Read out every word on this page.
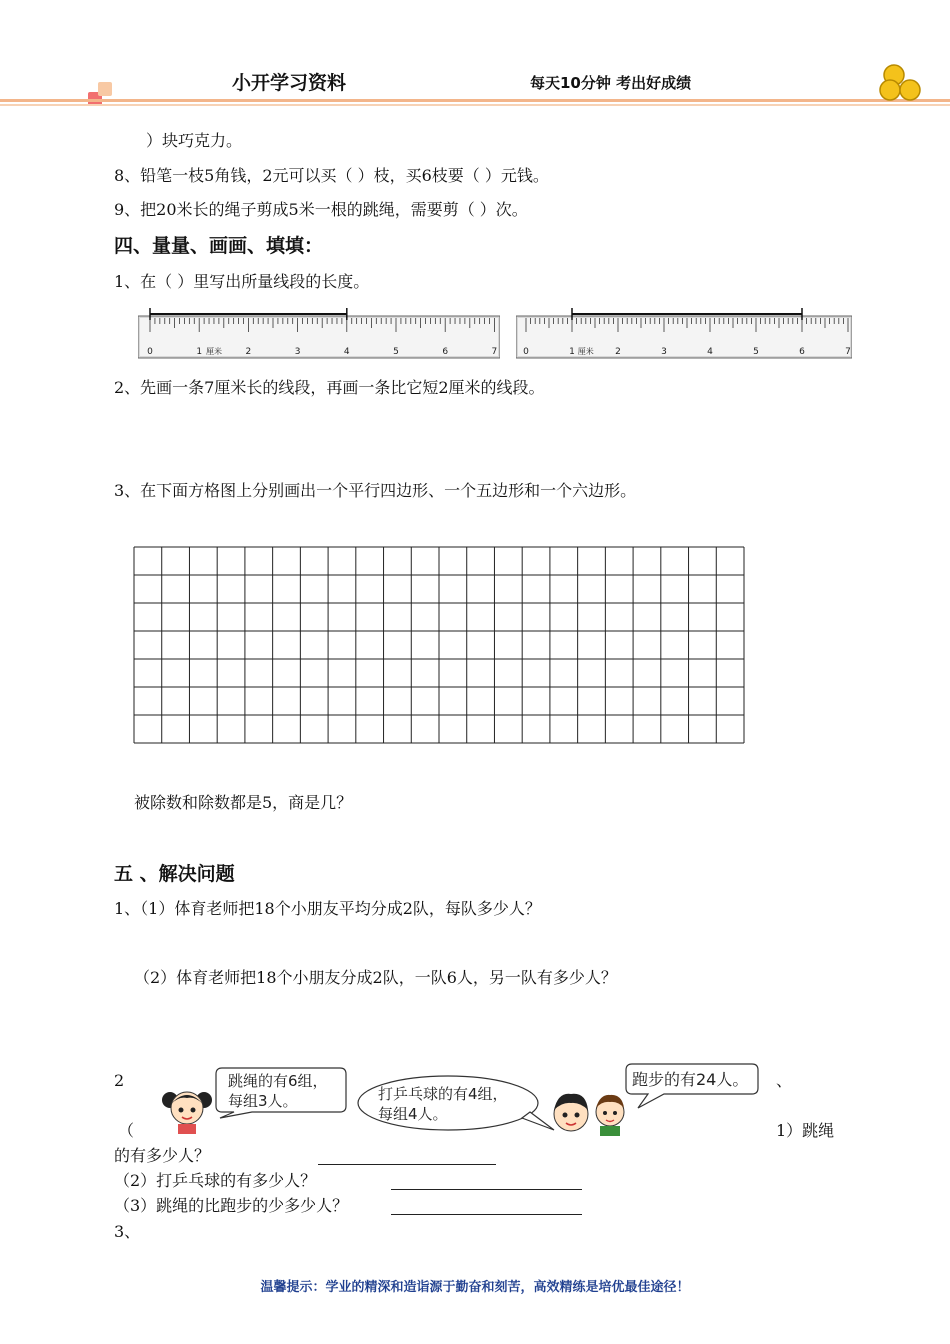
小开学习资料	每天10分钟 考出好成绩
）块巧克力。
8、铅笔一枝5角钱，2元可以买（ ）枝，买6枝要（ ）元钱。
9、把20米长的绳子剪成5米一根的跳绳，需要剪（ ）次。
四、量量、画画、填填：
1、在（ ）里写出所量线段的长度。
0	1	2	3	4	5	6	7
厘米	0	1	2	3	4	5	6	7
厘米
2、先画一条7厘米长的线段，再画一条比它短2厘米的线段。
3、在下面方格图上分别画出一个平行四边形、一个五边形和一个六边形。
被除数和除数都是5，商是几？
五 、解决问题
1、（1）体育老师把18个小朋友平均分成2队，每队多少人？
（2）体育老师把18个小朋友分成2队，一队6人，另一队有多少人？
2	、
（	1）跳绳
跳绳的有6组，
每组3人。	打乒乓球的有4组，
每组4人。
跑步的有24人。
的有多少人？
（2）打乒乓球的有多少人？
（3）跳绳的比跑步的少多少人？
3、
温馨提示：学业的精深和造诣源于勤奋和刻苦，高效精练是培优最佳途径！
